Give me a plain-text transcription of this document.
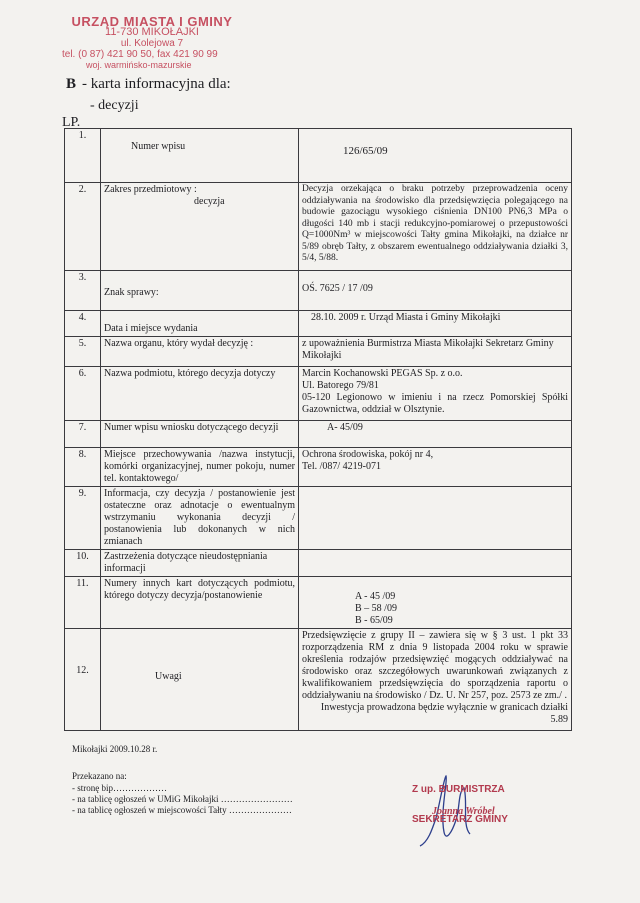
URZĄD MIASTA I GMINY
11-730 MIKOŁAJKI
ul. Kolejowa 7
tel. (0 87) 421 90 50, fax 421 90 99
woj. warmińsko-mazurskie
B - karta informacyjna dla:
- decyzji
LP.
1.	Numer wpisu	126/65/09
2.	Zakres przedmiotowy :
decyzja	Decyzja orzekająca o braku potrzeby przeprowadzenia oceny oddziaływania na środowisko dla przedsięwzięcia polegającego na budowie gazociągu wysokiego ciśnienia DN100 PN6,3 MPa o długości 140 mb i stacji redukcyjno-pomiarowej o przepustowości Q=1000Nm³ w miejscowości Tałty gmina Mikołajki, na działce nr 5/89 obręb Tałty, z obszarem ewentualnego oddziaływania działki 3, 5/4, 5/88.
3.	Znak sprawy:	OŚ. 7625 / 17 /09
4.	Data i miejsce wydania	28.10. 2009 r. Urząd Miasta i Gminy Mikołajki
5.	Nazwa organu, który wydał decyzję :	z upoważnienia Burmistrza Miasta Mikołajki Sekretarz Gminy Mikołajki
6.	Nazwa podmiotu, którego decyzja dotyczy	Marcin Kochanowski PEGAS Sp. z o.o.
Ul. Batorego 79/81
05-120 Legionowo w imieniu i na rzecz Pomorskiej Spółki Gazownictwa, oddział w Olsztynie.

7.	Numer wpisu wniosku dotyczącego decyzji	A- 45/09
8.	Miejsce przechowywania /nazwa instytucji, komórki organizacyjnej, numer pokoju, numer tel. kontaktowego/	Ochrona środowiska, pokój nr 4,
Tel. /087/ 4219-071

9.	Informacja, czy decyzja / postanowienie jest ostateczne oraz adnotacje o ewentualnym wstrzymaniu wykonania decyzji / postanowienia lub dokonanych w nich zmianach	
10.	Zastrzeżenia dotyczące nieudostępniania informacji	
11.	Numery innych kart dotyczących podmiotu, którego dotyczy decyzja/postanowienie	A - 45 /09
B – 58 /09
B - 65/09

12.	Uwagi	Przedsięwzięcie z grupy II – zawiera się w § 3 ust. 1 pkt 33 rozporządzenia RM z dnia 9 listopada 2004 roku w sprawie określenia rodzajów przedsięwzięć mogących oddziaływać na środowisko oraz szczegółowych uwarunkowań związanych z kwalifikowaniem przedsięwzięcia do sporządzenia raportu o oddziaływaniu na środowisko / Dz. U. Nr 257, poz. 2573 ze zm./ .
Inwestycja prowadzona będzie wyłącznie w granicach działki 5.89
Mikołajki 2009.10.28 r.
Przekazano na:
- stronę bip………………
- na tablicę ogłoszeń w UMiG Mikołajki ……………………
- na tablicę ogłoszeń w miejscowości Tałty …………………
Z up. BURMISTRZA
Joanna Wróbel
SEKRETARZ GMINY
